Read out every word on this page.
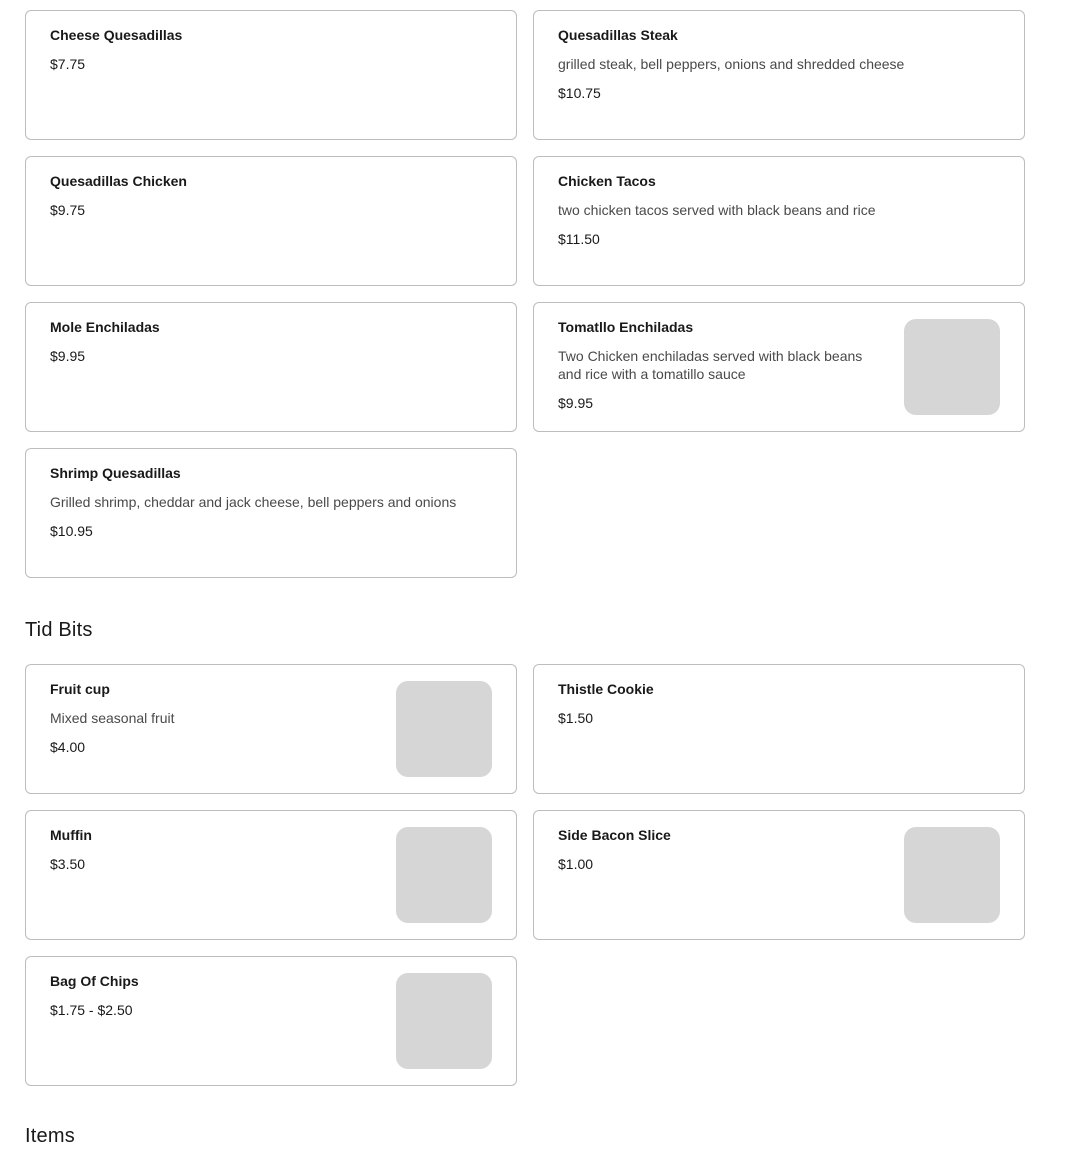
Cheese Quesadillas
$7.75
Quesadillas Steak
grilled steak, bell peppers, onions and shredded cheese
$10.75
Quesadillas Chicken
$9.75
Chicken Tacos
two chicken tacos served with black beans and rice
$11.50
Mole Enchiladas
$9.95
Tomatllo Enchiladas
Two Chicken enchiladas served with black beans and rice with a tomatillo sauce
$9.95
Shrimp Quesadillas
Grilled shrimp, cheddar and jack cheese, bell peppers and onions
$10.95
Tid Bits
Fruit cup
Mixed seasonal fruit
$4.00
Thistle Cookie
$1.50
Muffin
$3.50
Side Bacon Slice
$1.00
Bag Of Chips
$1.75 - $2.50
Items
